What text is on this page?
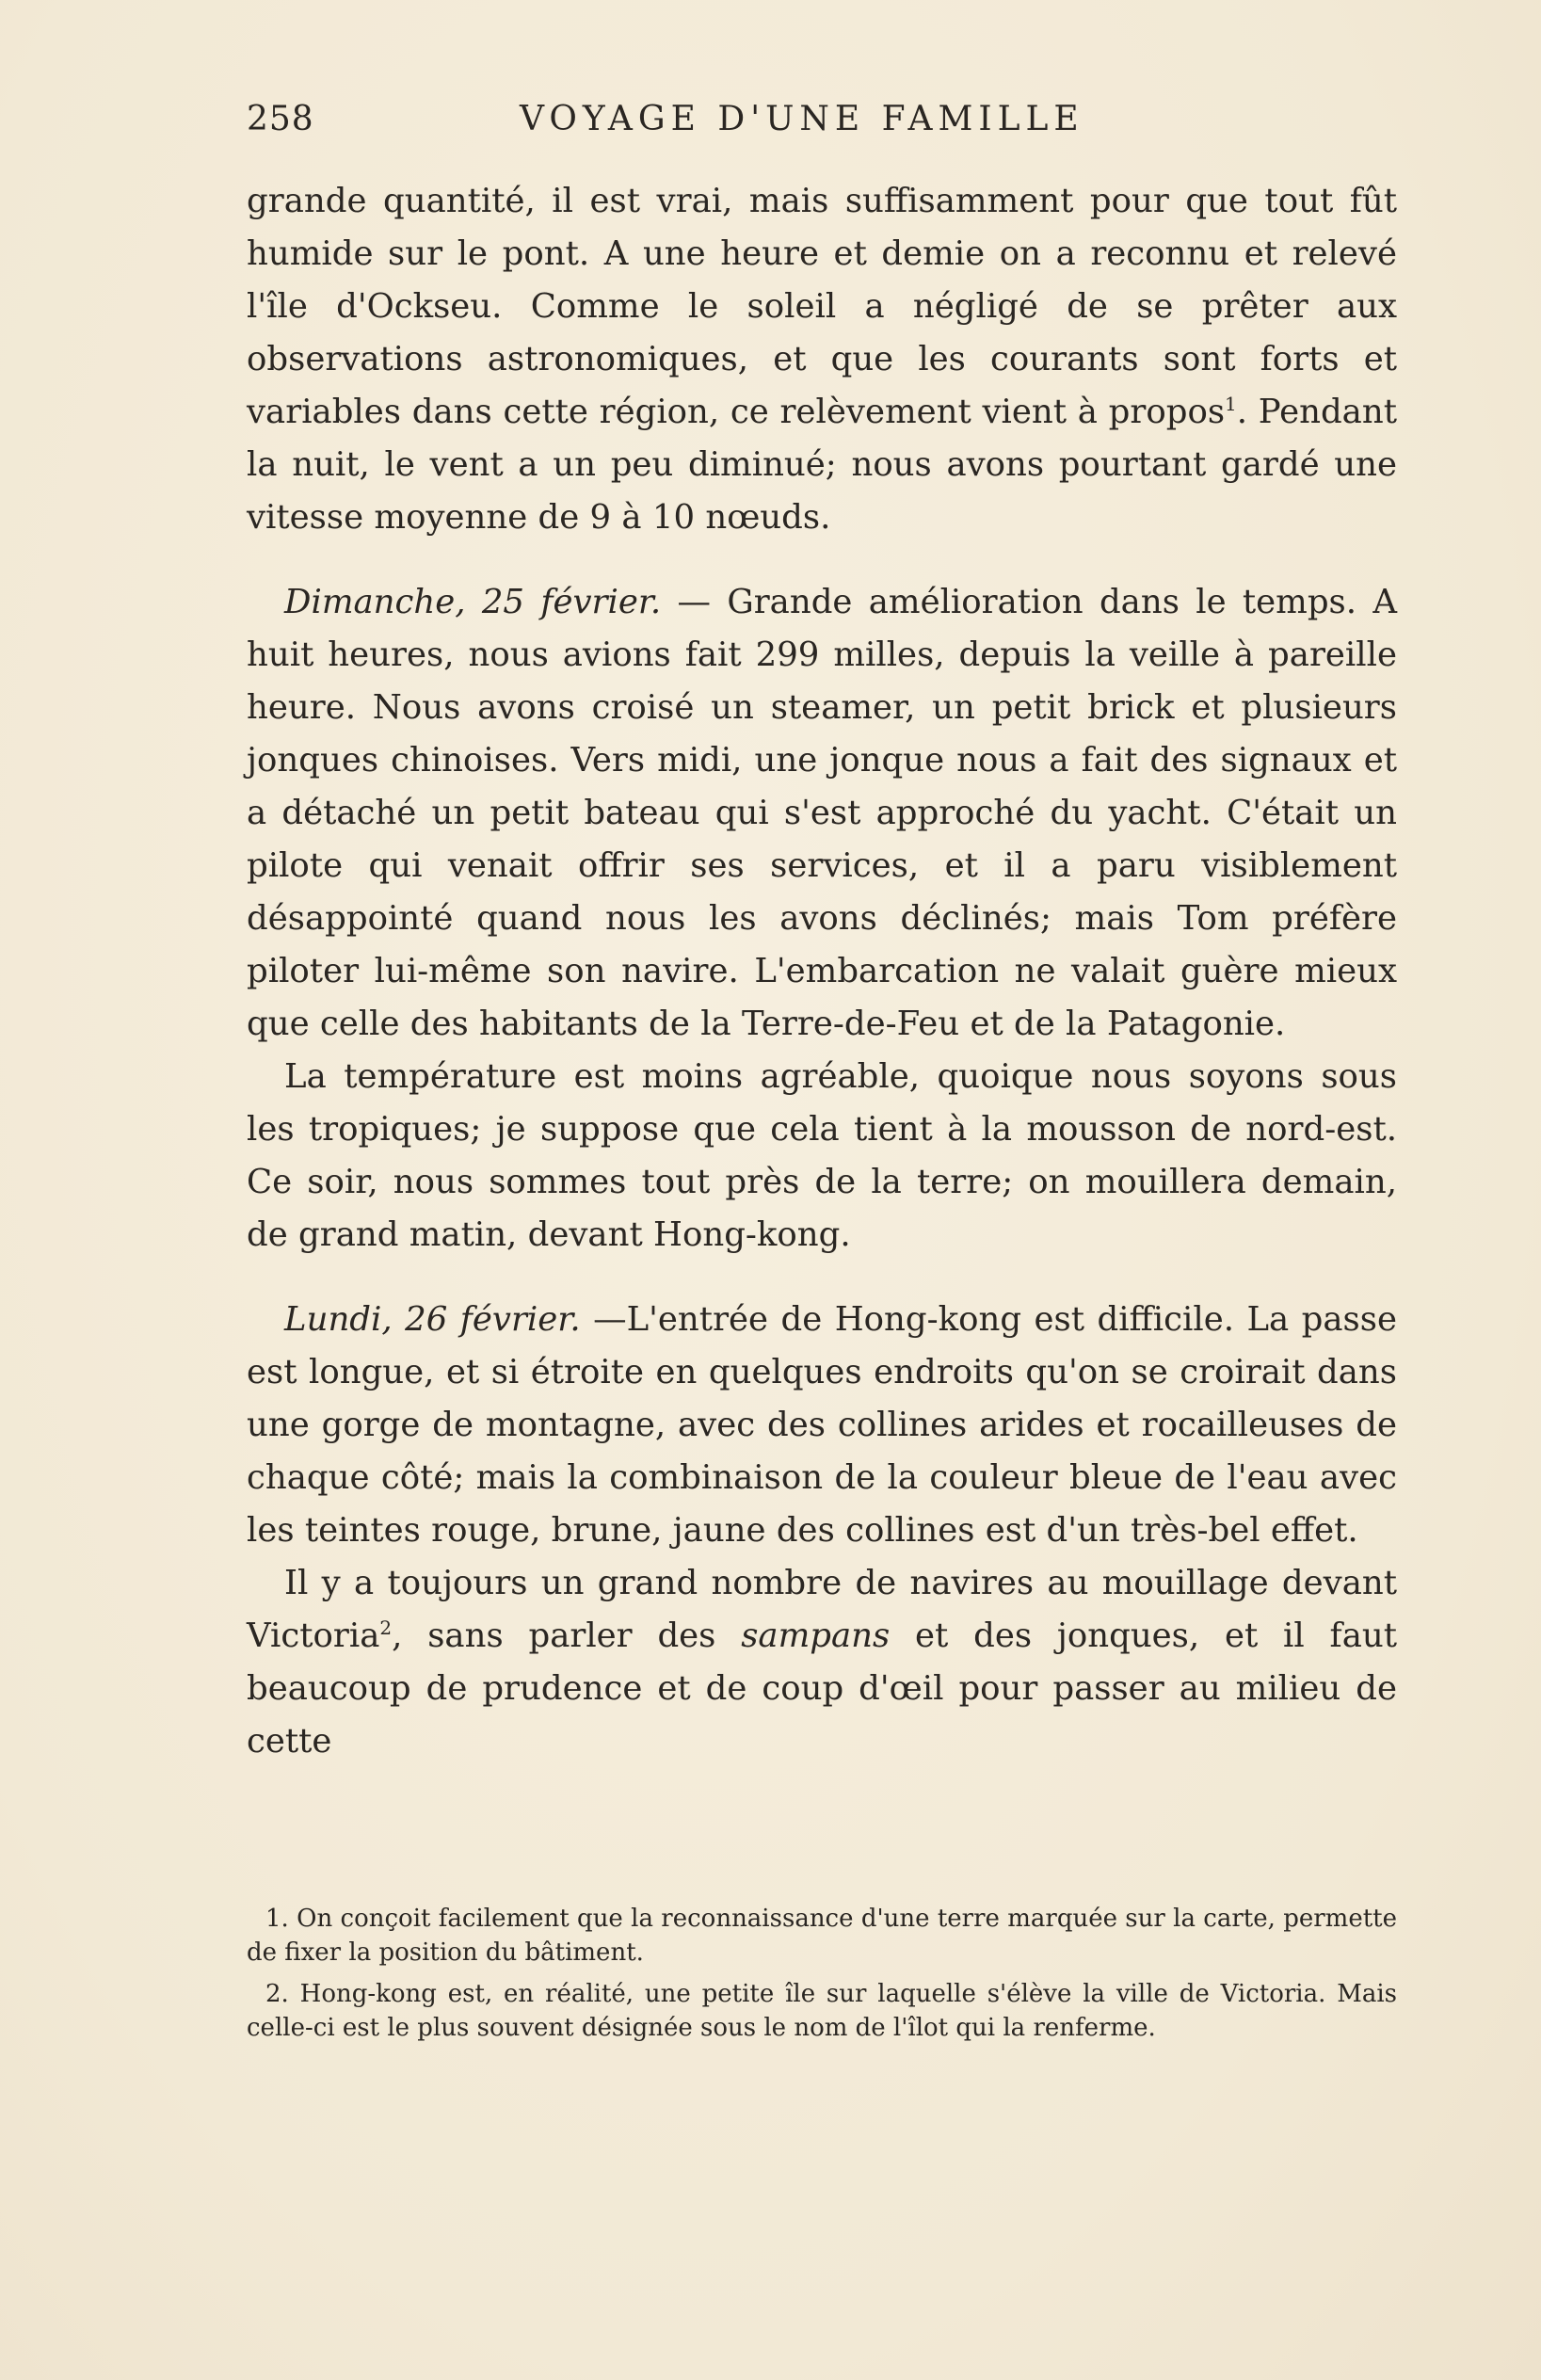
258	VOYAGE D'UNE FAMILLE

grande quantité, il est vrai, mais suffisamment pour que tout fût humide sur le pont. A une heure et demie on a reconnu et relevé l'île d'Ockseu. Comme le soleil a négligé de se prêter aux observations astronomiques, et que les courants sont forts et variables dans cette région, ce relèvement vient à propos$^1$. Pendant la nuit, le vent a un peu diminué; nous avons pourtant gardé une vitesse moyenne de 9 à 10 nœuds.

Dimanche, 25 février. — Grande amélioration dans le temps. A huit heures, nous avions fait 299 milles, depuis la veille à pareille heure. Nous avons croisé un steamer, un petit brick et plusieurs jonques chinoises. Vers midi, une jonque nous a fait des signaux et a détaché un petit bateau qui s'est approché du yacht. C'était un pilote qui venait offrir ses services, et il a paru visiblement désappointé quand nous les avons déclinés; mais Tom préfère piloter lui-même son navire. L'embarcation ne valait guère mieux que celle des habitants de la Terre-de-Feu et de la Patagonie.

La température est moins agréable, quoique nous soyons sous les tropiques; je suppose que cela tient à la mousson de nord-est. Ce soir, nous sommes tout près de la terre; on mouillera demain, de grand matin, devant Hong-kong.

Lundi, 26 février. —L'entrée de Hong-kong est difficile. La passe est longue, et si étroite en quelques endroits qu'on se croirait dans une gorge de montagne, avec des collines arides et rocailleuses de chaque côté; mais la combinaison de la couleur bleue de l'eau avec les teintes rouge, brune, jaune des collines est d'un très-bel effet.

Il y a toujours un grand nombre de navires au mouillage devant Victoria$^2$, sans parler des sampans et des jonques, et il faut beaucoup de prudence et de coup d'œil pour passer au milieu de cette

1. On conçoit facilement que la reconnaissance d'une terre marquée sur la carte, permette de fixer la position du bâtiment.

2. Hong-kong est, en réalité, une petite île sur laquelle s'élève la ville de Victoria. Mais celle-ci est le plus souvent désignée sous le nom de l'îlot qui la renferme.
